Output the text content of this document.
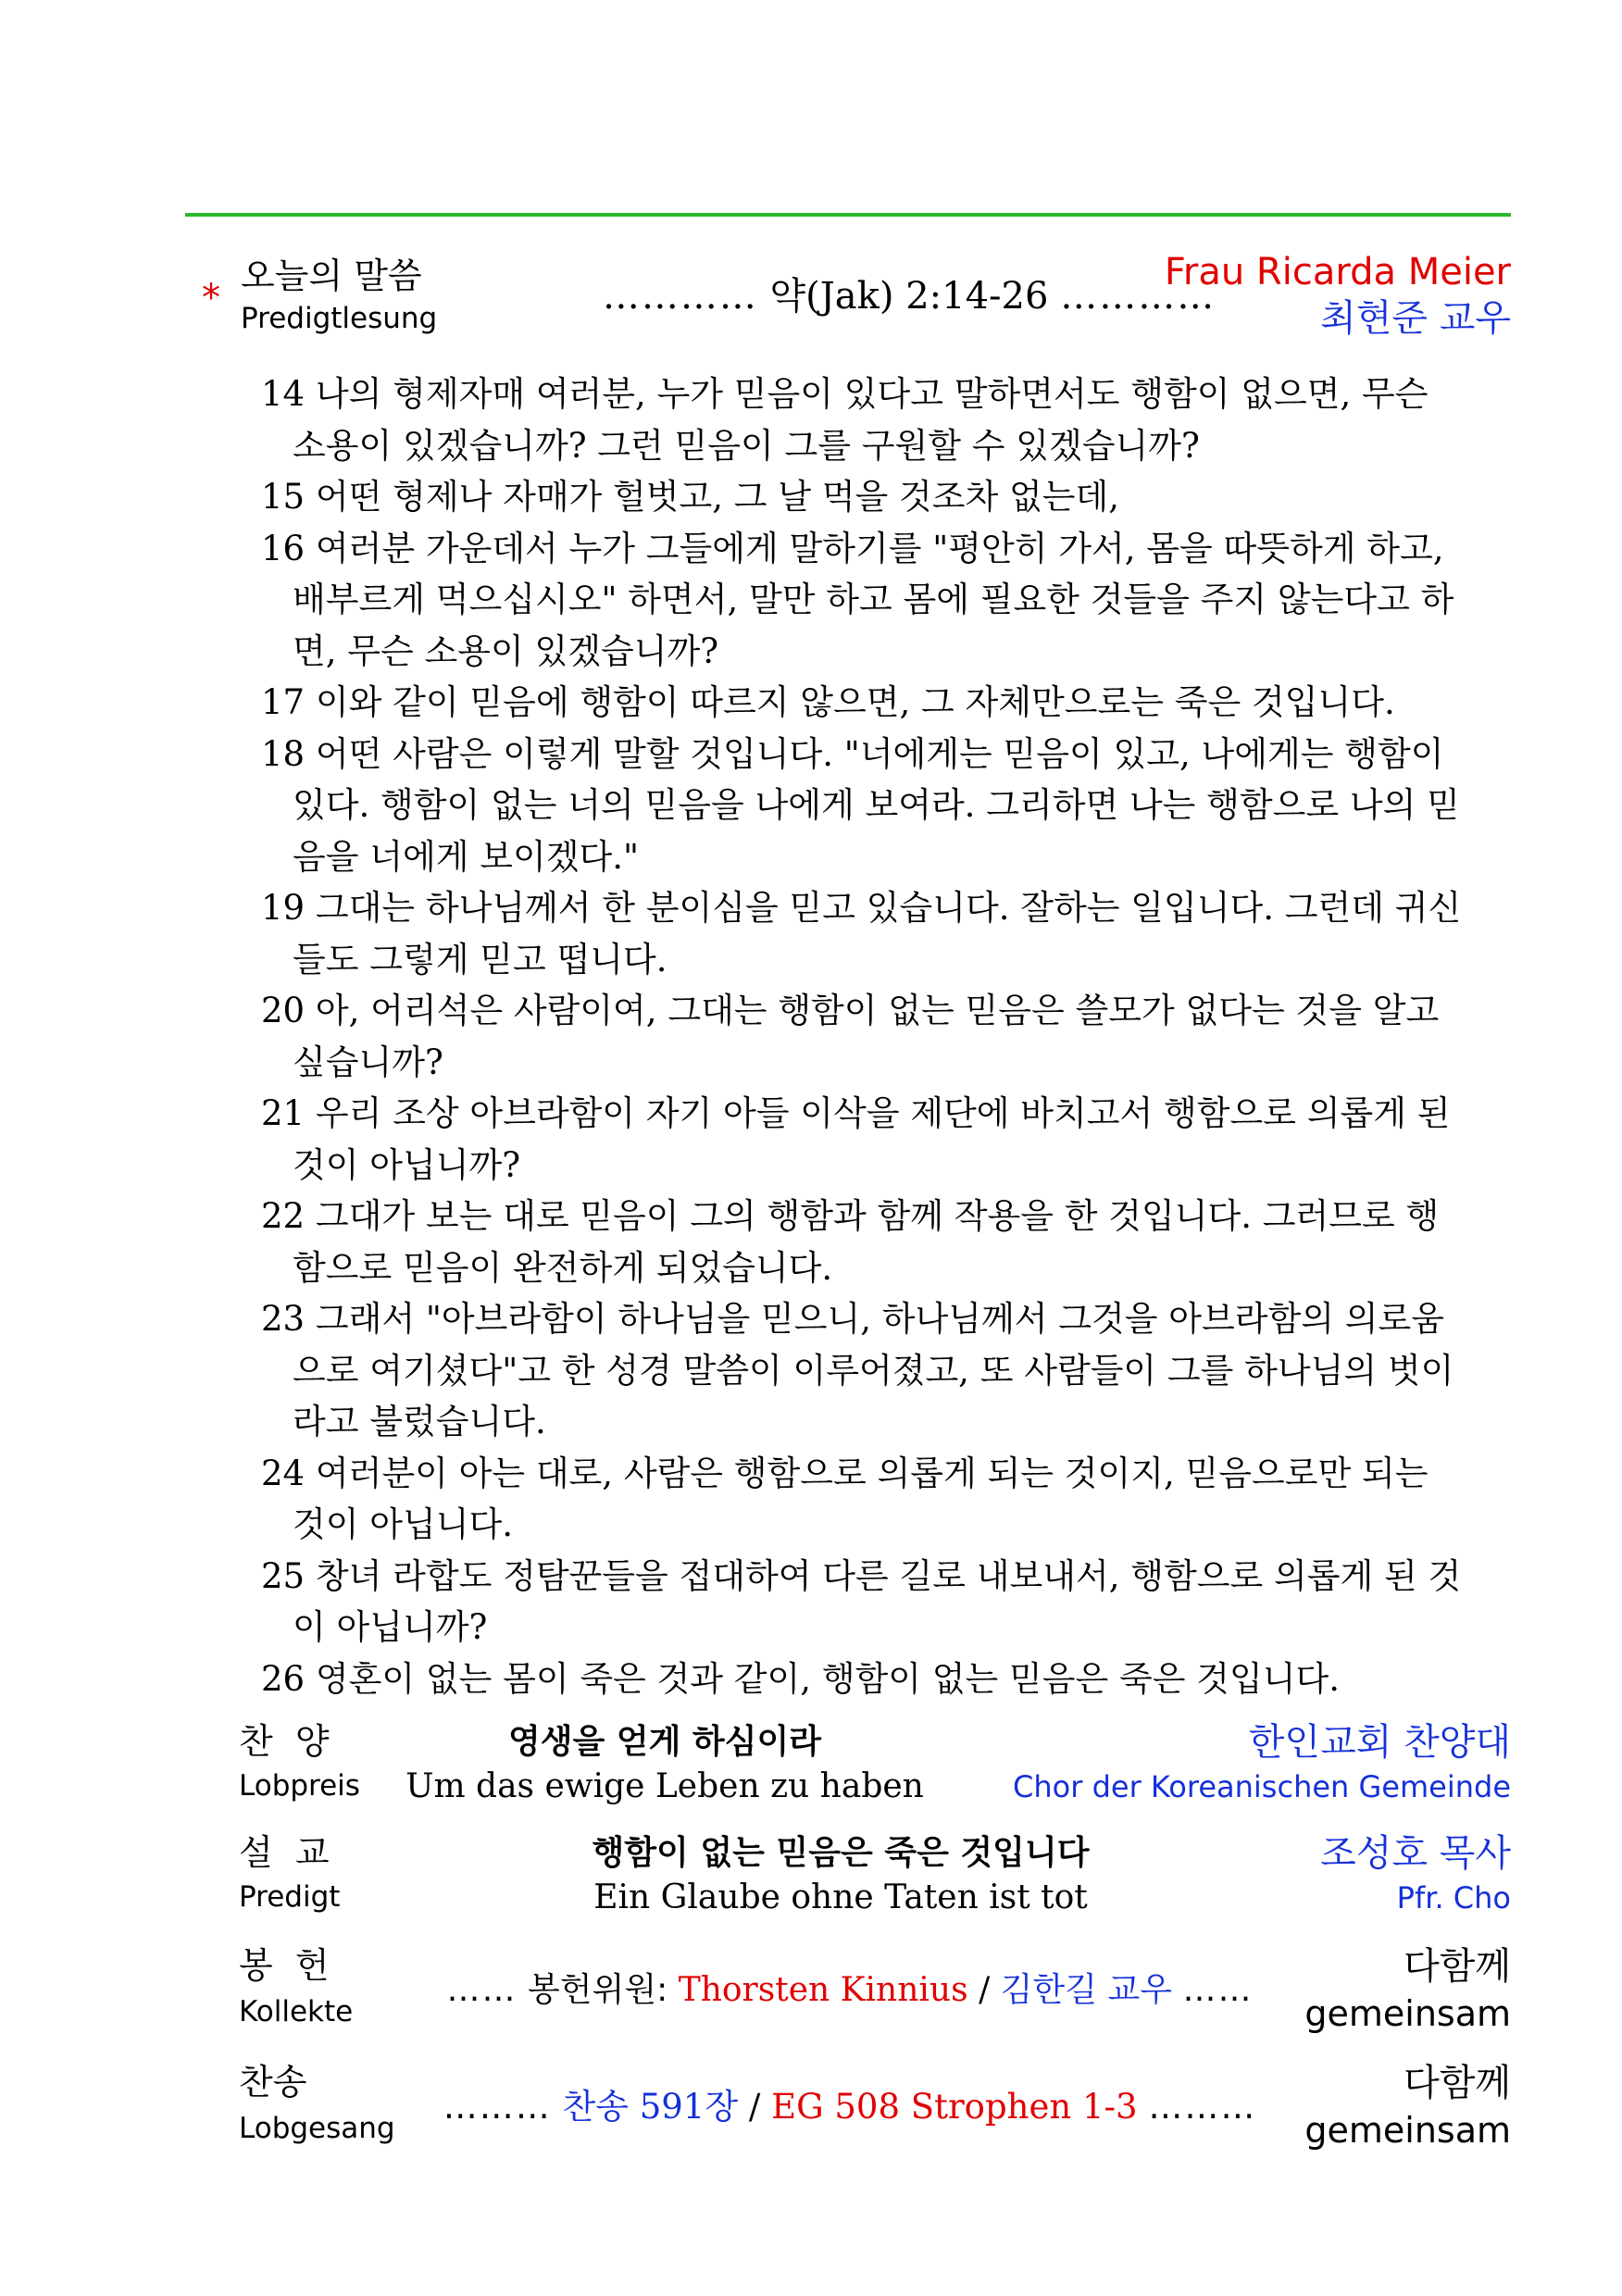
*
오늘의 말씀
Predigtlesung
………… 약(Jak) 2:14-26 …………
Frau Ricarda Meier
최현준 교우
14 나의 형제자매 여러분, 누가 믿음이 있다고 말하면서도 행함이 없으면, 무슨 소용이 있겠습니까? 그런 믿음이 그를 구원할 수 있겠습니까?
15 어떤 형제나 자매가 헐벗고, 그 날 먹을 것조차 없는데,
16 여러분 가운데서 누가 그들에게 말하기를 "평안히 가서, 몸을 따뜻하게 하고, 배부르게 먹으십시오" 하면서, 말만 하고 몸에 필요한 것들을 주지 않는다고 하면, 무슨 소용이 있겠습니까?
17 이와 같이 믿음에 행함이 따르지 않으면, 그 자체만으로는 죽은 것입니다.
18 어떤 사람은 이렇게 말할 것입니다. "너에게는 믿음이 있고, 나에게는 행함이 있다. 행함이 없는 너의 믿음을 나에게 보여라. 그리하면 나는 행함으로 나의 믿음을 너에게 보이겠다."
19 그대는 하나님께서 한 분이심을 믿고 있습니다. 잘하는 일입니다. 그런데 귀신들도 그렇게 믿고 떱니다.
20 아, 어리석은 사람이여, 그대는 행함이 없는 믿음은 쓸모가 없다는 것을 알고 싶습니까?
21 우리 조상 아브라함이 자기 아들 이삭을 제단에 바치고서 행함으로 의롭게 된 것이 아닙니까?
22 그대가 보는 대로 믿음이 그의 행함과 함께 작용을 한 것입니다. 그러므로 행함으로 믿음이 완전하게 되었습니다.
23 그래서 "아브라함이 하나님을 믿으니, 하나님께서 그것을 아브라함의 의로움으로 여기셨다"고 한 성경 말씀이 이루어졌고, 또 사람들이 그를 하나님의 벗이라고 불렀습니다.
24 여러분이 아는 대로, 사람은 행함으로 의롭게 되는 것이지, 믿음으로만 되는 것이 아닙니다.
25 창녀 라합도 정탐꾼들을 접대하여 다른 길로 내보내서, 행함으로 의롭게 된 것이 아닙니까?
26 영혼이 없는 몸이 죽은 것과 같이, 행함이 없는 믿음은 죽은 것입니다.
찬  양
Lobpreis
영생을 얻게 하심이라
Um das ewige Leben zu haben
한인교회 찬양대
Chor der Koreanischen Gemeinde
설  교
Predigt
행함이 없는 믿음은 죽은 것입니다
Ein Glaube ohne Taten ist tot
조성호 목사
Pfr. Cho
봉  헌
Kollekte
…… 봉헌위원: Thorsten Kinnius / 김한길 교우 ……
다함께
gemeinsam
찬송
Lobgesang
……… 찬송 591장 / EG 508 Strophen 1-3 ………
다함께
gemeinsam
